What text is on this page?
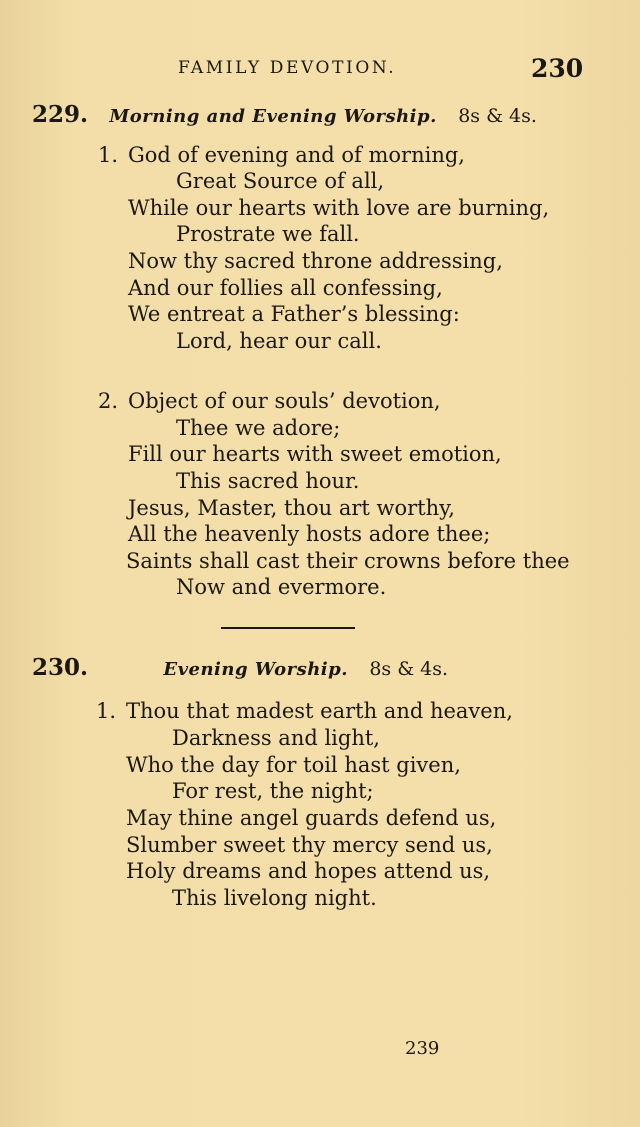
FAMILY DEVOTION.	230
229. Morning and Evening Worship. 8s & 4s.
1. God of evening and of morning,
Great Source of all,
While our hearts with love are burning,
Prostrate we fall.
Now thy sacred throne addressing,
And our follies all confessing,
We entreat a Father’s blessing:
Lord, hear our call.
2. Object of our souls’ devotion,
Thee we adore;
Fill our hearts with sweet emotion,
This sacred hour.
Jesus, Master, thou art worthy,
All the heavenly hosts adore thee;
Saints shall cast their crowns before thee
Now and evermore.
230.	Evening Worship. 8s & 4s.
1. Thou that madest earth and heaven,
Darkness and light,
Who the day for toil hast given,
For rest, the night;
May thine angel guards defend us,
Slumber sweet thy mercy send us,
Holy dreams and hopes attend us,
This livelong night.
239
